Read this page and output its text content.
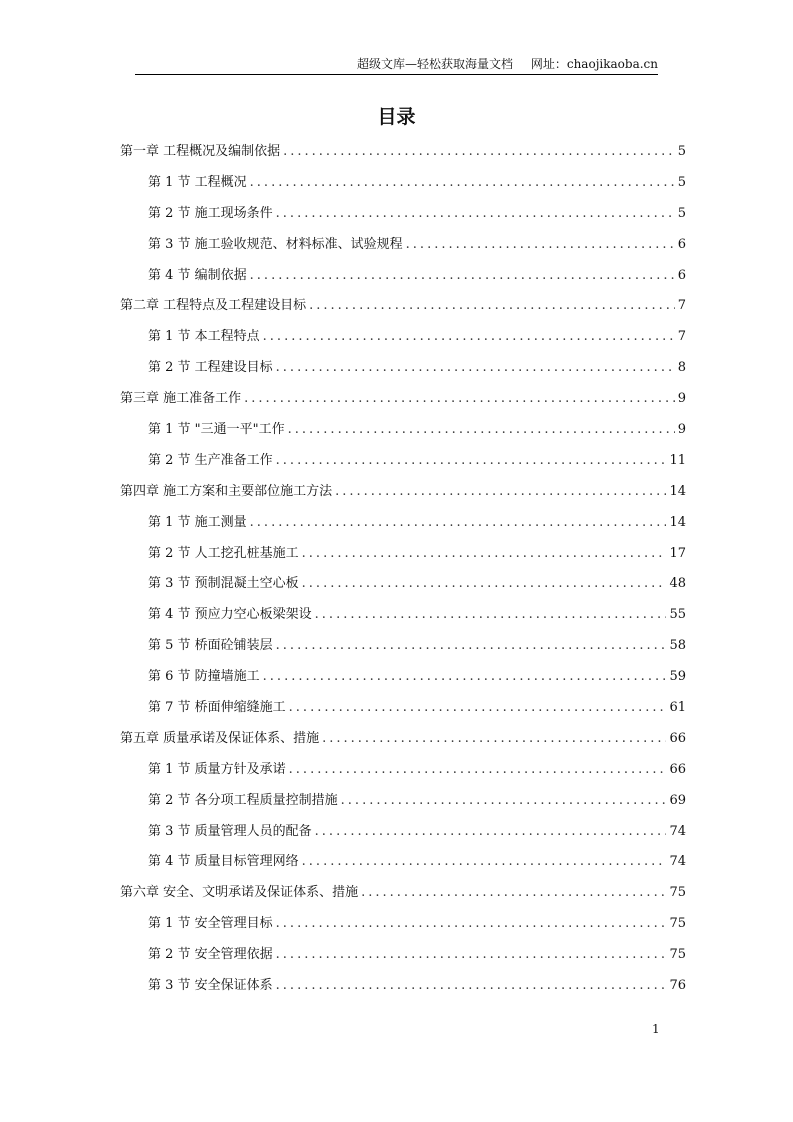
超级文库—轻松获取海量文档 网址：chaojikaoba.cn
目录
第一章 工程概况及编制依据 .....	5
第 1 节 工程概况 .....	5
第 2 节 施工现场条件 .....	5
第 3 节 施工验收规范、材料标准、试验规程 .....	6
第 4 节 编制依据 .....	6
第二章 工程特点及工程建设目标 .....	7
第 1 节 本工程特点 .....	7
第 2 节 工程建设目标 .....	8
第三章 施工准备工作 .....	9
第 1 节 "三通一平"工作 .....	9
第 2 节 生产准备工作 .....	11
第四章 施工方案和主要部位施工方法 .....	14
第 1 节 施工测量 .....	14
第 2 节 人工挖孔桩基施工 .....	17
第 3 节 预制混凝土空心板 .....	48
第 4 节 预应力空心板梁架设 .....	55
第 5 节 桥面砼铺装层 .....	58
第 6 节 防撞墙施工 .....	59
第 7 节 桥面伸缩缝施工 .....	61
第五章 质量承诺及保证体系、措施 .....	66
第 1 节 质量方针及承诺 .....	66
第 2 节 各分项工程质量控制措施 .....	69
第 3 节 质量管理人员的配备 .....	74
第 4 节 质量目标管理网络 .....	74
第六章 安全、文明承诺及保证体系、措施 .....	75
第 1 节 安全管理目标 .....	75
第 2 节 安全管理依据 .....	75
第 3 节 安全保证体系 .....	76
1
